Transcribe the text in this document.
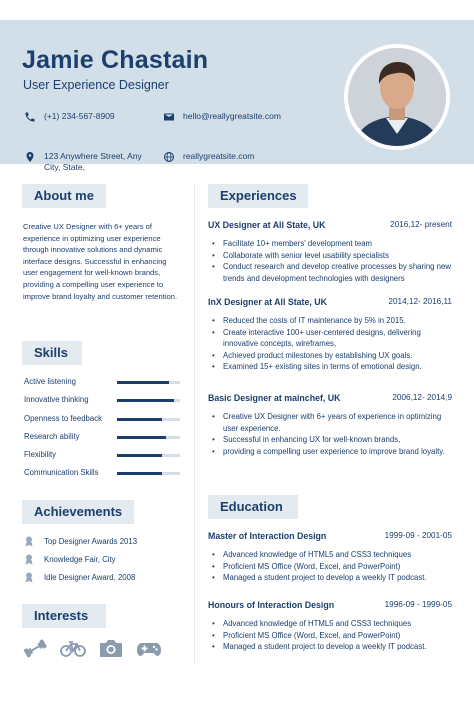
Jamie Chastain
User Experience Designer
(+1) 234-567-8909
123 Anywhere Street, Any City, State,
hello@reallygreatsite.com
reallygreatsite.com
About me
Creative UX Designer with 6+ years of experience in optimizing user experience through innovative solutions and dynamic interface designs. Successful in enhancing user engagement for well-known brands, providing a compelling user experience to improve brand loyalty and customer retention.
Skills
Active listening
Innovative thinking
Openness to feedback
Research ability
Flexibility
Communication Skills
Achievements
Top Designer Awards 2013
Knowledge Fair, City
Idle Designer Award, 2008
Interests
Experiences
UX Designer at All State, UK	2016,12- present
• Facilitate 10+ members' development team
• Collaborate with senior level usability specialists
• Conduct research and develop creative processes by sharing new trends and development technologies with designers
InX Designer at All State, UK	2014,12- 2016,11
• Reduced the costs of IT maintenance by 5% in 2015.
• Create interactive 100+ user-centered designs, delivering innovative concepts, wireframes,
• Achieved product milestones by establishing UX goals.
• Examined 15+ existing sites in terms of emotional design.
Basic Designer at mainchef, UK	2006,12- 2014,9
• Creative UX Designer with 6+ years of experience in optimizing user experience.
• Successful in enhancing UX for well-known brands,
• providing a compelling user experience to improve brand loyalty.
Education
Master of Interaction Design	1999-09 - 2001-05
• Advanced knowledge of HTML5 and CSS3 techniques
• Proficient MS Office (Word, Excel, and PowerPoint)
• Managed a student project to develop a weekly IT podcast.
Honours of Interaction Design	1996-09 - 1999-05
• Advanced knowledge of HTML5 and CSS3 techniques
• Proficient MS Office (Word, Excel, and PowerPoint)
• Managed a student project to develop a weekly IT podcast.
